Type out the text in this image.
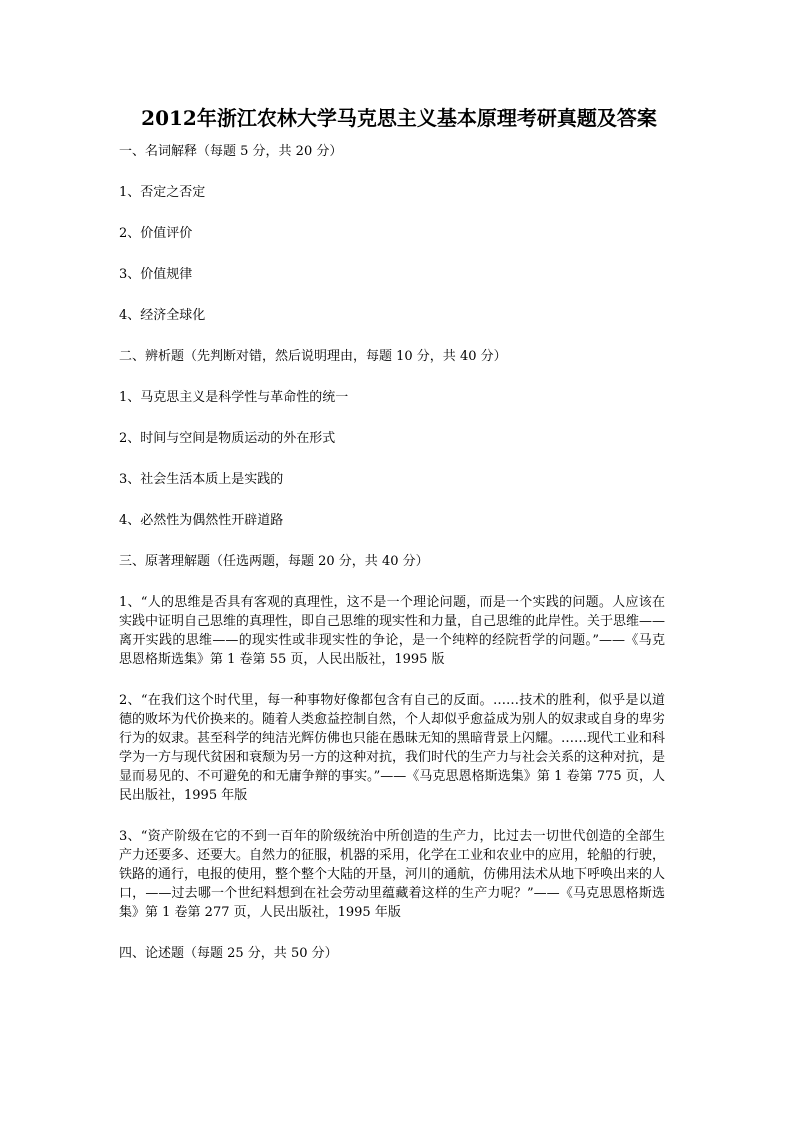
2012年浙江农林大学马克思主义基本原理考研真题及答案

一、名词解释（每题 5 分，共 20 分）

1、否定之否定

2、价值评价

3、价值规律

4、经济全球化

二、辨析题（先判断对错，然后说明理由，每题 10 分，共 40 分）

1、马克思主义是科学性与革命性的统一

2、时间与空间是物质运动的外在形式

3、社会生活本质上是实践的

4、必然性为偶然性开辟道路

三、原著理解题（任选两题，每题 20 分，共 40 分）

1、“人的思维是否具有客观的真理性，这不是一个理论问题，而是一个实践的问题。人应该在实践中证明自己思维的真理性，即自己思维的现实性和力量，自己思维的此岸性。关于思维——离开实践的思维——的现实性或非现实性的争论，是一个纯粹的经院哲学的问题。”——《马克思恩格斯选集》第 1 卷第 55 页，人民出版社，1995 版

2、“在我们这个时代里，每一种事物好像都包含有自己的反面。……技术的胜利，似乎是以道德的败坏为代价换来的。随着人类愈益控制自然，个人却似乎愈益成为别人的奴隶或自身的卑劣行为的奴隶。甚至科学的纯洁光辉仿佛也只能在愚昧无知的黑暗背景上闪耀。……现代工业和科学为一方与现代贫困和衰颓为另一方的这种对抗，我们时代的生产力与社会关系的这种对抗，是显而易见的、不可避免的和无庸争辩的事实。”——《马克思恩格斯选集》第 1 卷第 775 页，人民出版社，1995 年版

3、“资产阶级在它的不到一百年的阶级统治中所创造的生产力，比过去一切世代创造的全部生产力还要多、还要大。自然力的征服，机器的采用，化学在工业和农业中的应用，轮船的行驶，铁路的通行，电报的使用，整个整个大陆的开垦，河川的通航，仿佛用法术从地下呼唤出来的人口，——过去哪一个世纪料想到在社会劳动里蕴藏着这样的生产力呢？”——《马克思恩格斯选集》第 1 卷第 277 页，人民出版社，1995 年版

四、论述题（每题 25 分，共 50 分）
